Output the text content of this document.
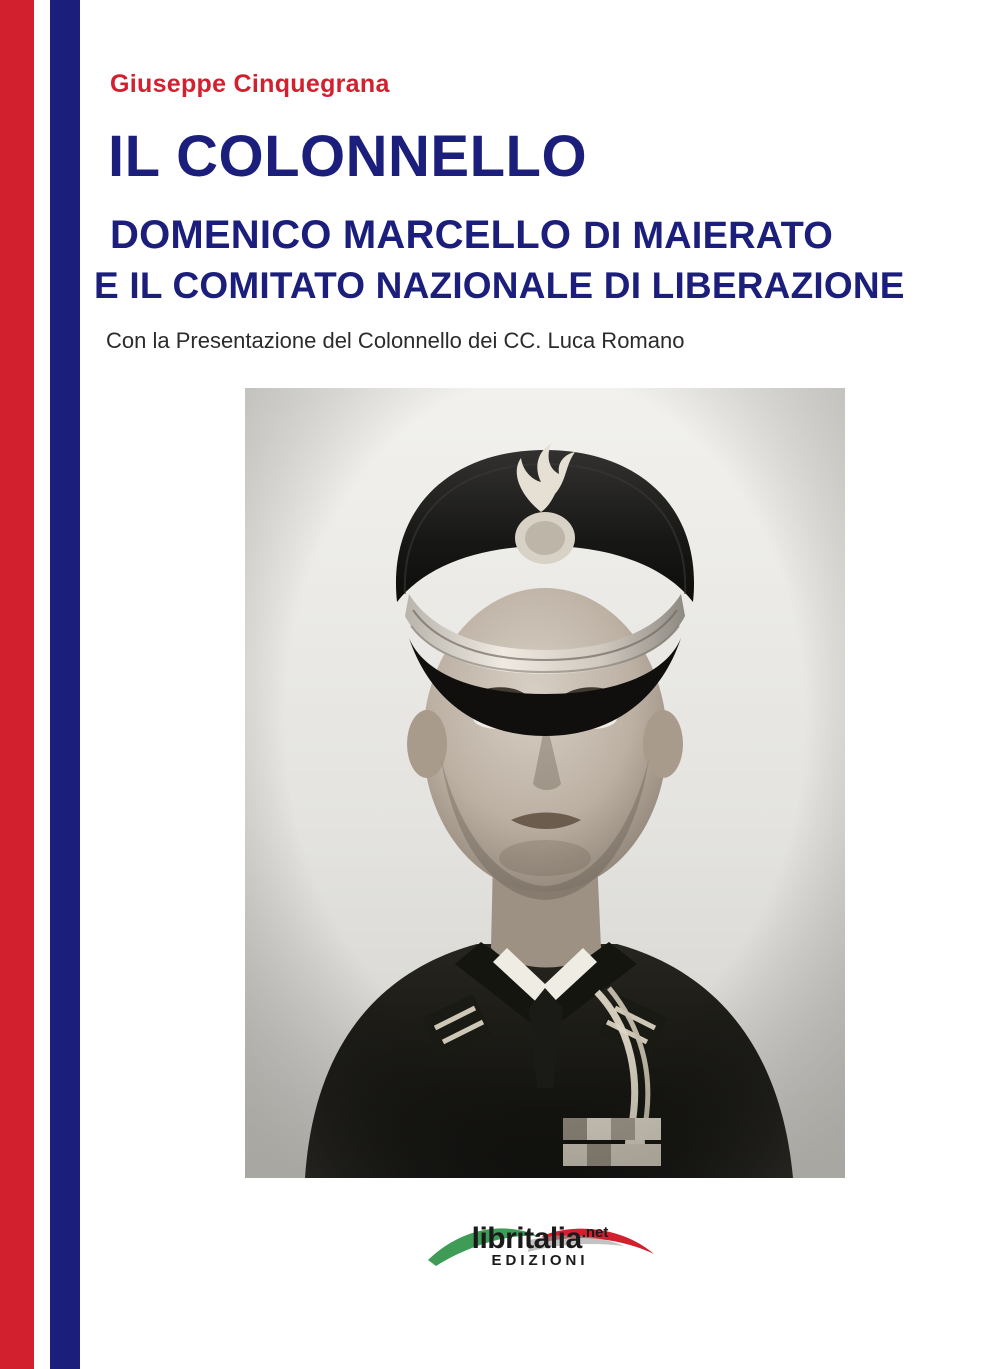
Giuseppe Cinquegrana
IL COLONNELLO
DOMENICO MARCELLO DI MAIERATO
E IL COMITATO NAZIONALE DI LIBERAZIONE
Con la Presentazione del Colonnello dei CC. Luca Romano
libritalia$^{.net}$
EDIZIONI
